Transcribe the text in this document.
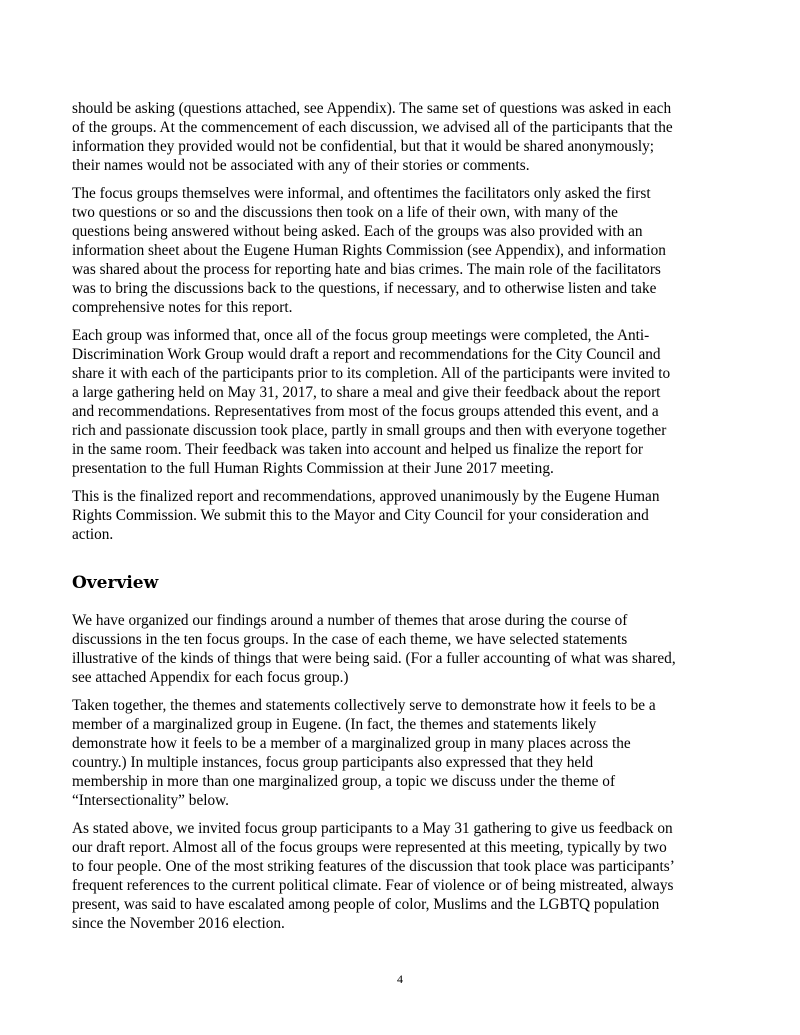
should be asking (questions attached, see Appendix). The same set of questions was asked in each
of the groups. At the commencement of each discussion, we advised all of the participants that the
information they provided would not be confidential, but that it would be shared anonymously;
their names would not be associated with any of their stories or comments.

The focus groups themselves were informal, and oftentimes the facilitators only asked the first
two questions or so and the discussions then took on a life of their own, with many of the
questions being answered without being asked. Each of the groups was also provided with an
information sheet about the Eugene Human Rights Commission (see Appendix), and information
was shared about the process for reporting hate and bias crimes. The main role of the facilitators
was to bring the discussions back to the questions, if necessary, and to otherwise listen and take
comprehensive notes for this report.

Each group was informed that, once all of the focus group meetings were completed, the Anti-
Discrimination Work Group would draft a report and recommendations for the City Council and
share it with each of the participants prior to its completion. All of the participants were invited to
a large gathering held on May 31, 2017, to share a meal and give their feedback about the report
and recommendations. Representatives from most of the focus groups attended this event, and a
rich and passionate discussion took place, partly in small groups and then with everyone together
in the same room. Their feedback was taken into account and helped us finalize the report for
presentation to the full Human Rights Commission at their June 2017 meeting.

This is the finalized report and recommendations, approved unanimously by the Eugene Human
Rights Commission. We submit this to the Mayor and City Council for your consideration and
action.

Overview

We have organized our findings around a number of themes that arose during the course of
discussions in the ten focus groups. In the case of each theme, we have selected statements
illustrative of the kinds of things that were being said. (For a fuller accounting of what was shared,
see attached Appendix for each focus group.)

Taken together, the themes and statements collectively serve to demonstrate how it feels to be a
member of a marginalized group in Eugene. (In fact, the themes and statements likely
demonstrate how it feels to be a member of a marginalized group in many places across the
country.) In multiple instances, focus group participants also expressed that they held
membership in more than one marginalized group, a topic we discuss under the theme of
“Intersectionality” below.

As stated above, we invited focus group participants to a May 31 gathering to give us feedback on
our draft report. Almost all of the focus groups were represented at this meeting, typically by two
to four people. One of the most striking features of the discussion that took place was participants’
frequent references to the current political climate. Fear of violence or of being mistreated, always
present, was said to have escalated among people of color, Muslims and the LGBTQ population
since the November 2016 election.

4
